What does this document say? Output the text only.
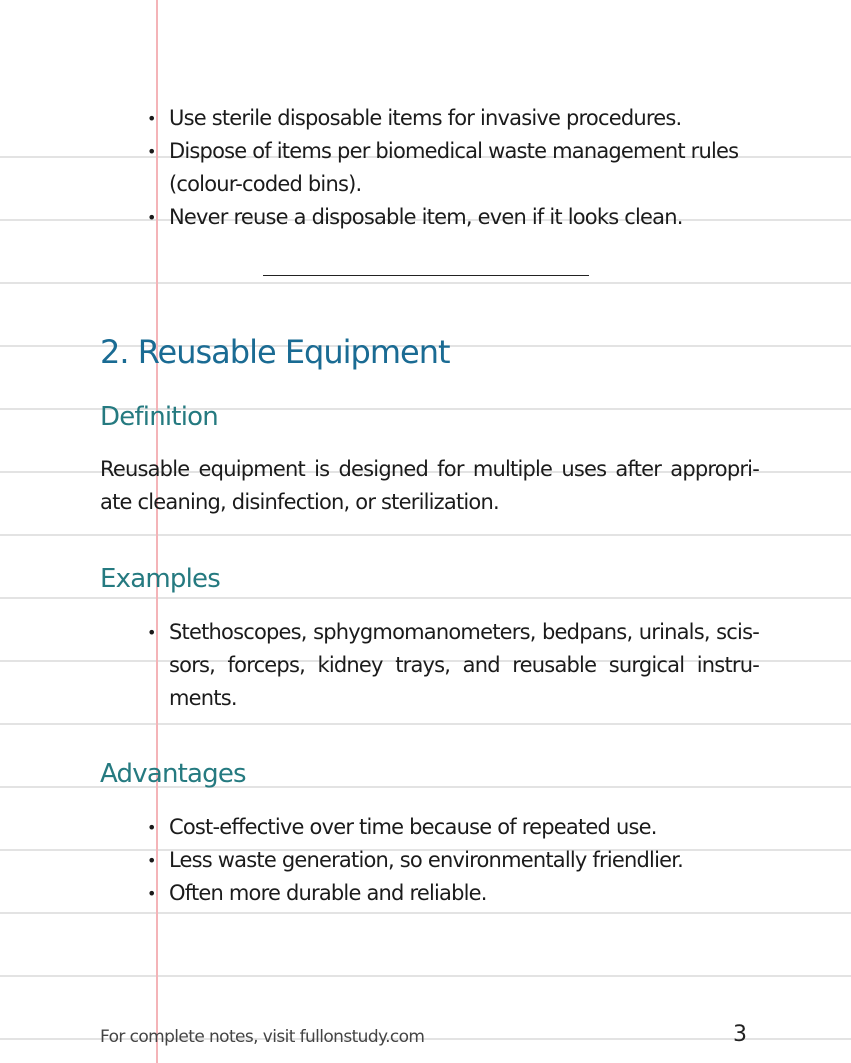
• Use sterile disposable items for invasive procedures.
• Dispose of items per biomedical waste management rules (colour-coded bins).
• Never reuse a disposable item, even if it looks clean.
2. Reusable Equipment
Definition

Reusable equipment is designed for multiple uses after appropri-ate cleaning, disinfection, or sterilization.

Examples
• Stethoscopes, sphygmomanometers, bedpans, urinals, scis-sors, forceps, kidney trays, and reusable surgical instru-ments.
Advantages
• Cost-effective over time because of repeated use.
• Less waste generation, so environmentally friendlier.
• Often more durable and reliable.
For complete notes, visit fullonstudy.com	3
